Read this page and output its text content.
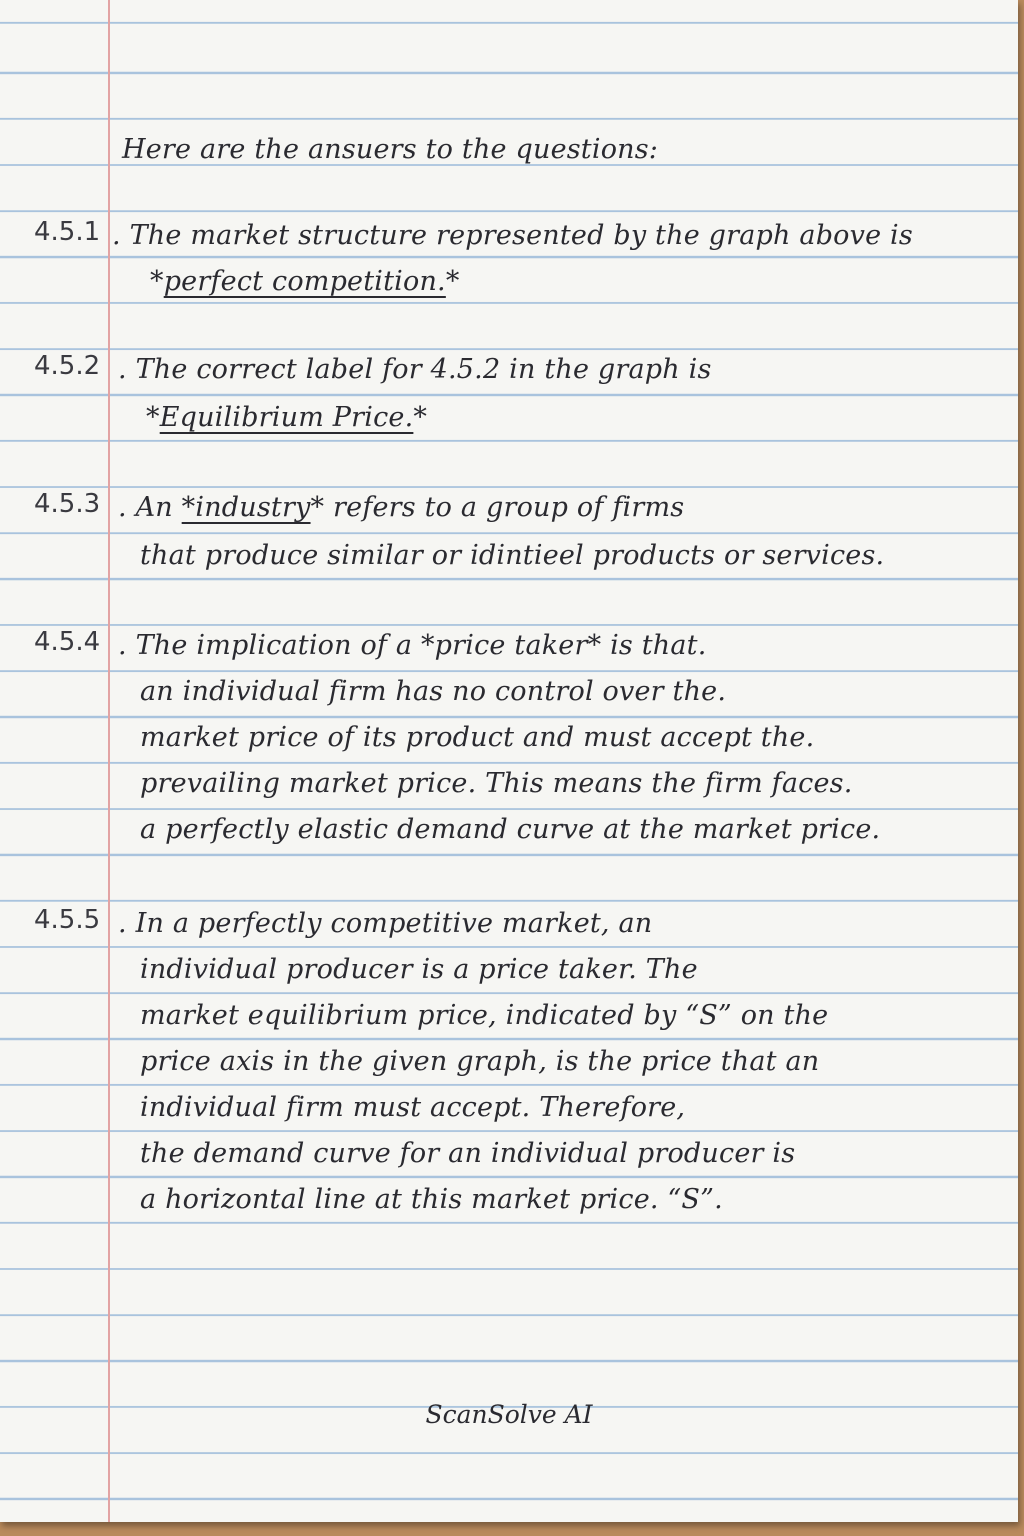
Here are the ansuers to the questions:
4.5.1 . The market structure represented by the graph above is
*perfect competition.*
4.5.2 . The correct label for 4.5.2 in the graph is
*Equilibrium Price.*
4.5.3 . An *industry* refers to a group of firms
that produce similar or idintieel products or services.
4.5.4 . The implication of a *price taker* is that.
an individual firm has no control over the.
market price of its product and must accept the.
prevailing market price. This means the firm faces.
a perfectly elastic demand curve at the market price.
4.5.5 . In a perfectly competitive market, an
individual producer is a price taker. The
market equilibrium price, indicated by “S” on the
price axis in the given graph, is the price that an
individual firm must accept. Therefore,
the demand curve for an individual producer is
a horizontal line at this market price. “S”.
ScanSolve AI
